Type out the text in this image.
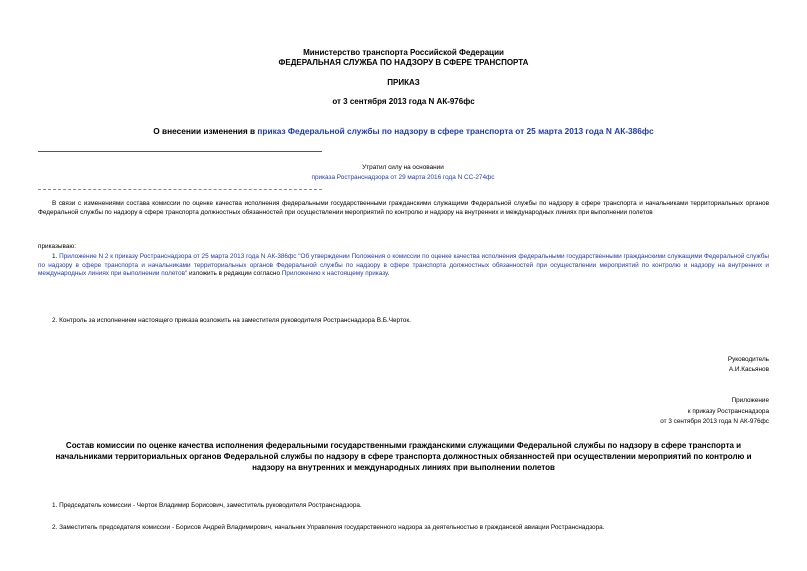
Министерство транспорта Российской Федерации
ФЕДЕРАЛЬНАЯ СЛУЖБА ПО НАДЗОРУ В СФЕРЕ ТРАНСПОРТА
ПРИКАЗ
от 3 сентября 2013 года N АК-976фс
О внесении изменения в приказ Федеральной службы по надзору в сфере транспорта от 25 марта 2013 года N АК-386фс
Утратил силу на основании
приказа Ространснадзора от 29 марта 2016 года N СС-274фс
В связи с изменениями состава комиссии по оценке качества исполнения федеральными государственными гражданскими служащими Федеральной службы по надзору в сфере транспорта и начальниками территориальных органов Федеральной службы по надзору в сфере транспорта должностных обязанностей при осуществлении мероприятий по контролю и надзору на внутренних и международных линиях при выполнении полетов
приказываю:
1. Приложение N 2 к приказу Ространснадзора от 25 марта 2013 года N АК-386фс "Об утверждении Положения о комиссии по оценке качества исполнения федеральными государственными гражданскими служащими Федеральной службы по надзору в сфере транспорта и начальниками территориальных органов Федеральной службы по надзору в сфере транспорта должностных обязанностей при осуществлении мероприятий по контролю и надзору на внутренних и международных линиях при выполнении полетов" изложить в редакции согласно Приложению к настоящему приказу.
2. Контроль за исполнением настоящего приказа возложить на заместителя руководителя Ространснадзора В.Б.Черток.
Руководитель
А.И.Касьянов
Приложение
к приказу Ространснадзора
от 3 сентября 2013 года N АК-976фс
Состав комиссии по оценке качества исполнения федеральными государственными гражданскими служащими Федеральной службы по надзору в сфере транспорта и начальниками территориальных органов Федеральной службы по надзору в сфере транспорта должностных обязанностей при осуществлении мероприятий по контролю и надзору на внутренних и международных линиях при выполнении полетов
1. Председатель комиссии - Черток Владимир Борисович, заместитель руководителя Ространснадзора.
2. Заместитель председателя комиссии - Борисов Андрей Владимирович, начальник Управления государственного надзора за деятельностью в гражданской авиации Ространснадзора.
